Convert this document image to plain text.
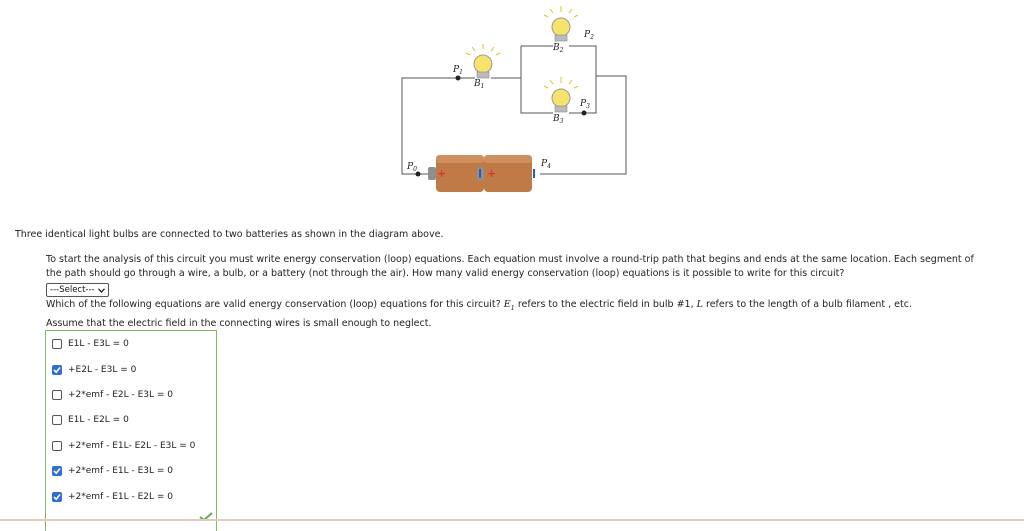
+	+
$P_0$
$P_1$
$B_1$
$P_2$
$B_2$
$P_3$
$B_3$
$P_4$
Three identical light bulbs are connected to two batteries as shown in the diagram above.
To start the analysis of this circuit you must write energy conservation (loop) equations. Each equation must involve a round-trip path that begins and ends at the same location. Each segment of the path should go through a wire, a bulb, or a battery (not through the air). How many valid energy conservation (loop) equations is it possible to write for this circuit?
---Select---
Which of the following equations are valid energy conservation (loop) equations for this circuit? $E_1$ refers to the electric field in bulb #1, L refers to the length of a bulb filament , etc.
Assume that the electric field in the connecting wires is small enough to neglect.
E1L - E3L = 0
+E2L - E3L = 0
+2*emf - E2L - E3L = 0
E1L - E2L = 0
+2*emf - E1L- E2L - E3L = 0
+2*emf - E1L - E3L = 0
+2*emf - E1L - E2L = 0
